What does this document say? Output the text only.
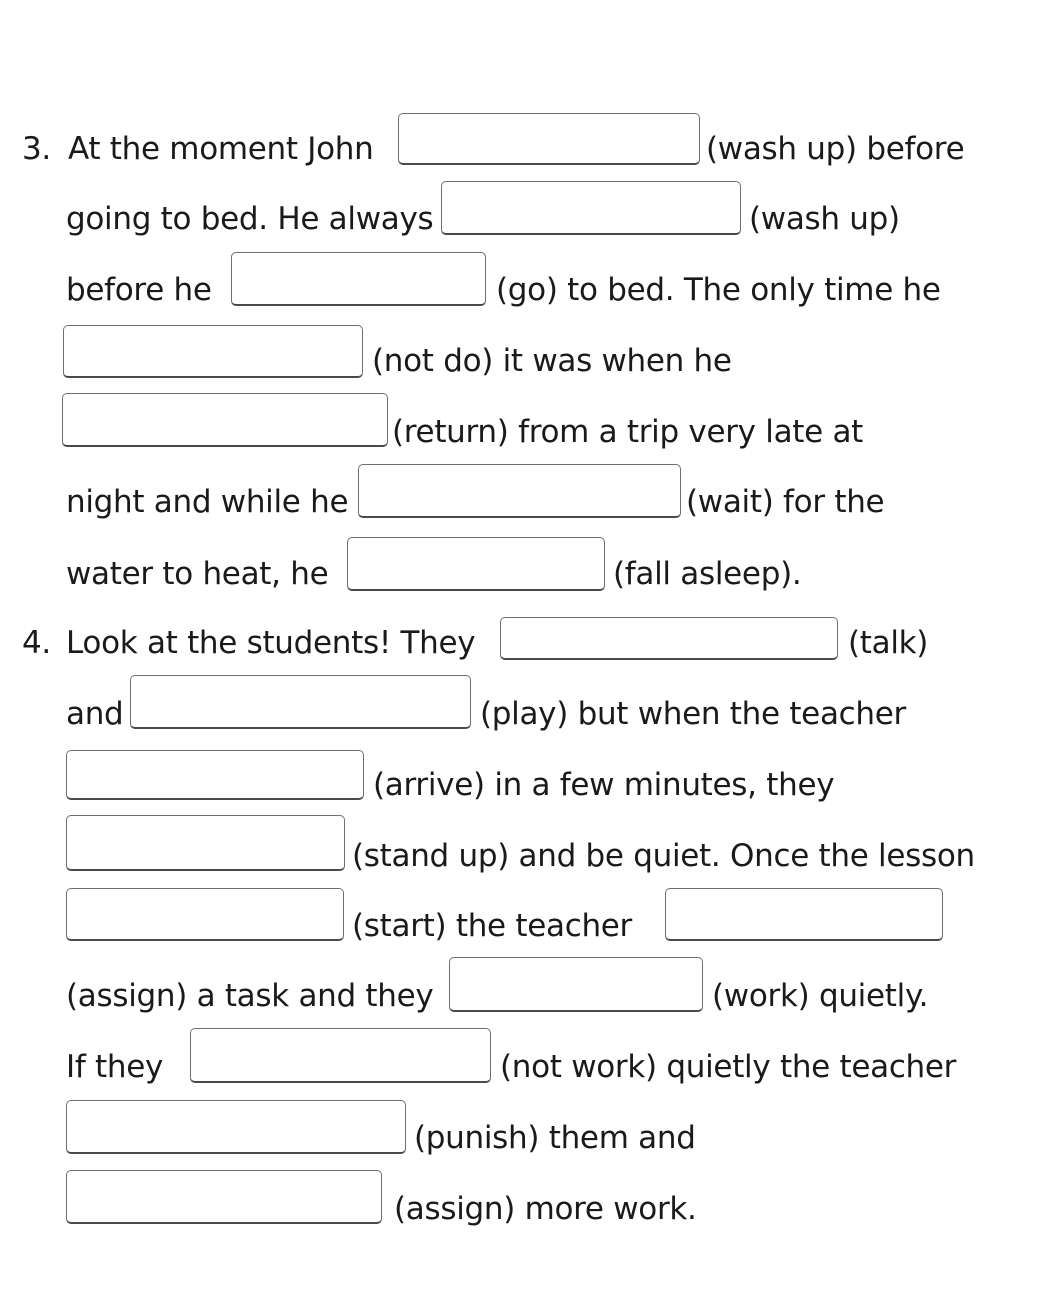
3. At the moment John	(wash up) before
going to bed. He always	(wash up)
before he	(go) to bed. The only time he
(not do) it was when he
(return) from a trip very late at
night and while he	(wait) for the
water to heat, he	(fall asleep).
4. Look at the students! They	(talk)
and	(play) but when the teacher
(arrive) in a few minutes, they
(stand up) and be quiet. Once the lesson
(start) the teacher
(assign) a task and they	(work) quietly.
If they	(not work) quietly the teacher
(punish) them and
(assign) more work.
